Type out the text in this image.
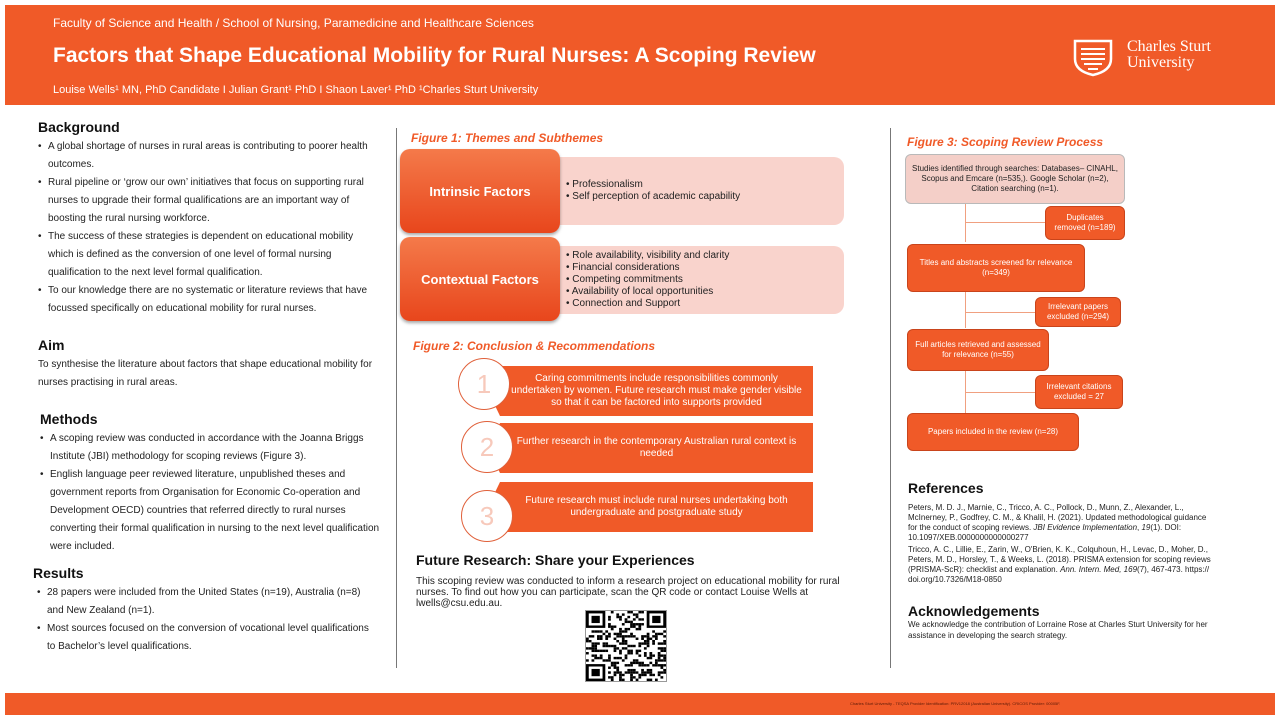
Faculty of Science and Health / School of Nursing, Paramedicine and Healthcare Sciences
Factors that Shape Educational Mobility for Rural Nurses: A Scoping Review
Louise Wells¹ MN, PhD Candidate I Julian Grant¹ PhD I Shaon Laver¹ PhD ¹Charles Sturt University
Charles Sturt
University
Background
• A global shortage of nurses in rural areas is contributing to poorer health outcomes.
• Rural pipeline or ‘grow our own’ initiatives that focus on supporting rural nurses to upgrade their formal qualifications are an important way of boosting the rural nursing workforce.
• The success of these strategies is dependent on educational mobility which is defined as the conversion of one level of formal nursing qualification to the next level formal qualification.
• To our knowledge there are no systematic or literature reviews that have focussed specifically on educational mobility for rural nurses.
Aim
To synthesise the literature about factors that shape educational mobility for nurses practising in rural areas.
Methods
• A scoping review was conducted in accordance with the Joanna Briggs Institute (JBI) methodology for scoping reviews (Figure 3).
• English language peer reviewed literature, unpublished theses and government reports from Organisation for Economic Co-operation and Development OECD) countries that referred directly to rural nurses converting their formal qualification in nursing to the next level qualification were included.
Results
• 28 papers were included from the United States (n=19), Australia (n=8) and New Zealand (n=1).
• Most sources focused on the conversion of vocational level qualifications to Bachelor’s level qualifications.
Figure 1: Themes and Subthemes
• Professionalism
• Self perception of academic capability
Intrinsic Factors
• Role availability, visibility and clarity
• Financial considerations
• Competing commitments
• Availability of local opportunities
• Connection and Support
Contextual Factors
Figure 2: Conclusion & Recommendations
Caring commitments include responsibilities commonly undertaken by women. Future research must make gender visible so that it can be factored into supports provided
1
Further research in the contemporary Australian rural context is needed
2
Future research must include rural nurses undertaking both undergraduate and postgraduate study
3
Future Research: Share your Experiences
This scoping review was conducted to inform a research project on educational mobility for rural nurses. To find out how you can participate, scan the QR code or contact Louise Wells at lwells@csu.edu.au.
Figure 3: Scoping Review Process
Studies identified through searches: Databases– CINAHL, Scopus and Emcare (n=535,). Google Scholar (n=2), Citation searching (n=1).
Duplicates removed (n=189)
Titles and abstracts screened for relevance (n=349)
Irrelevant papers excluded (n=294)
Full articles retrieved and assessed for relevance (n=55)
Irrelevant citations excluded = 27
Papers included in the review (n=28)
References
Peters, M. D. J., Marnie, C., Tricco, A. C., Pollock, D., Munn, Z., Alexander, L., McInerney, P., Godfrey, C. M., & Khalil, H. (2021). Updated methodological guidance for the conduct of scoping reviews. JBI Evidence Implementation, 19(1). DOI: 10.1097/XEB.0000000000000277
Tricco, A. C., Lillie, E., Zarin, W., O'Brien, K. K., Colquhoun, H., Levac, D., Moher, D., Peters, M. D., Horsley, T., & Weeks, L. (2018). PRISMA extension for scoping reviews (PRISMA-ScR): checklist and explanation. Ann. Intern. Med, 169(7), 467-473. https:// doi.org/10.7326/M18-0850
Acknowledgements
We acknowledge the contribution of Lorraine Rose at Charles Sturt University for her assistance in developing the search strategy.
Charles Sturt University - TEQSA Provider Identification: PRV12018 (Australian University). CRICOS Provider: 00005F.
